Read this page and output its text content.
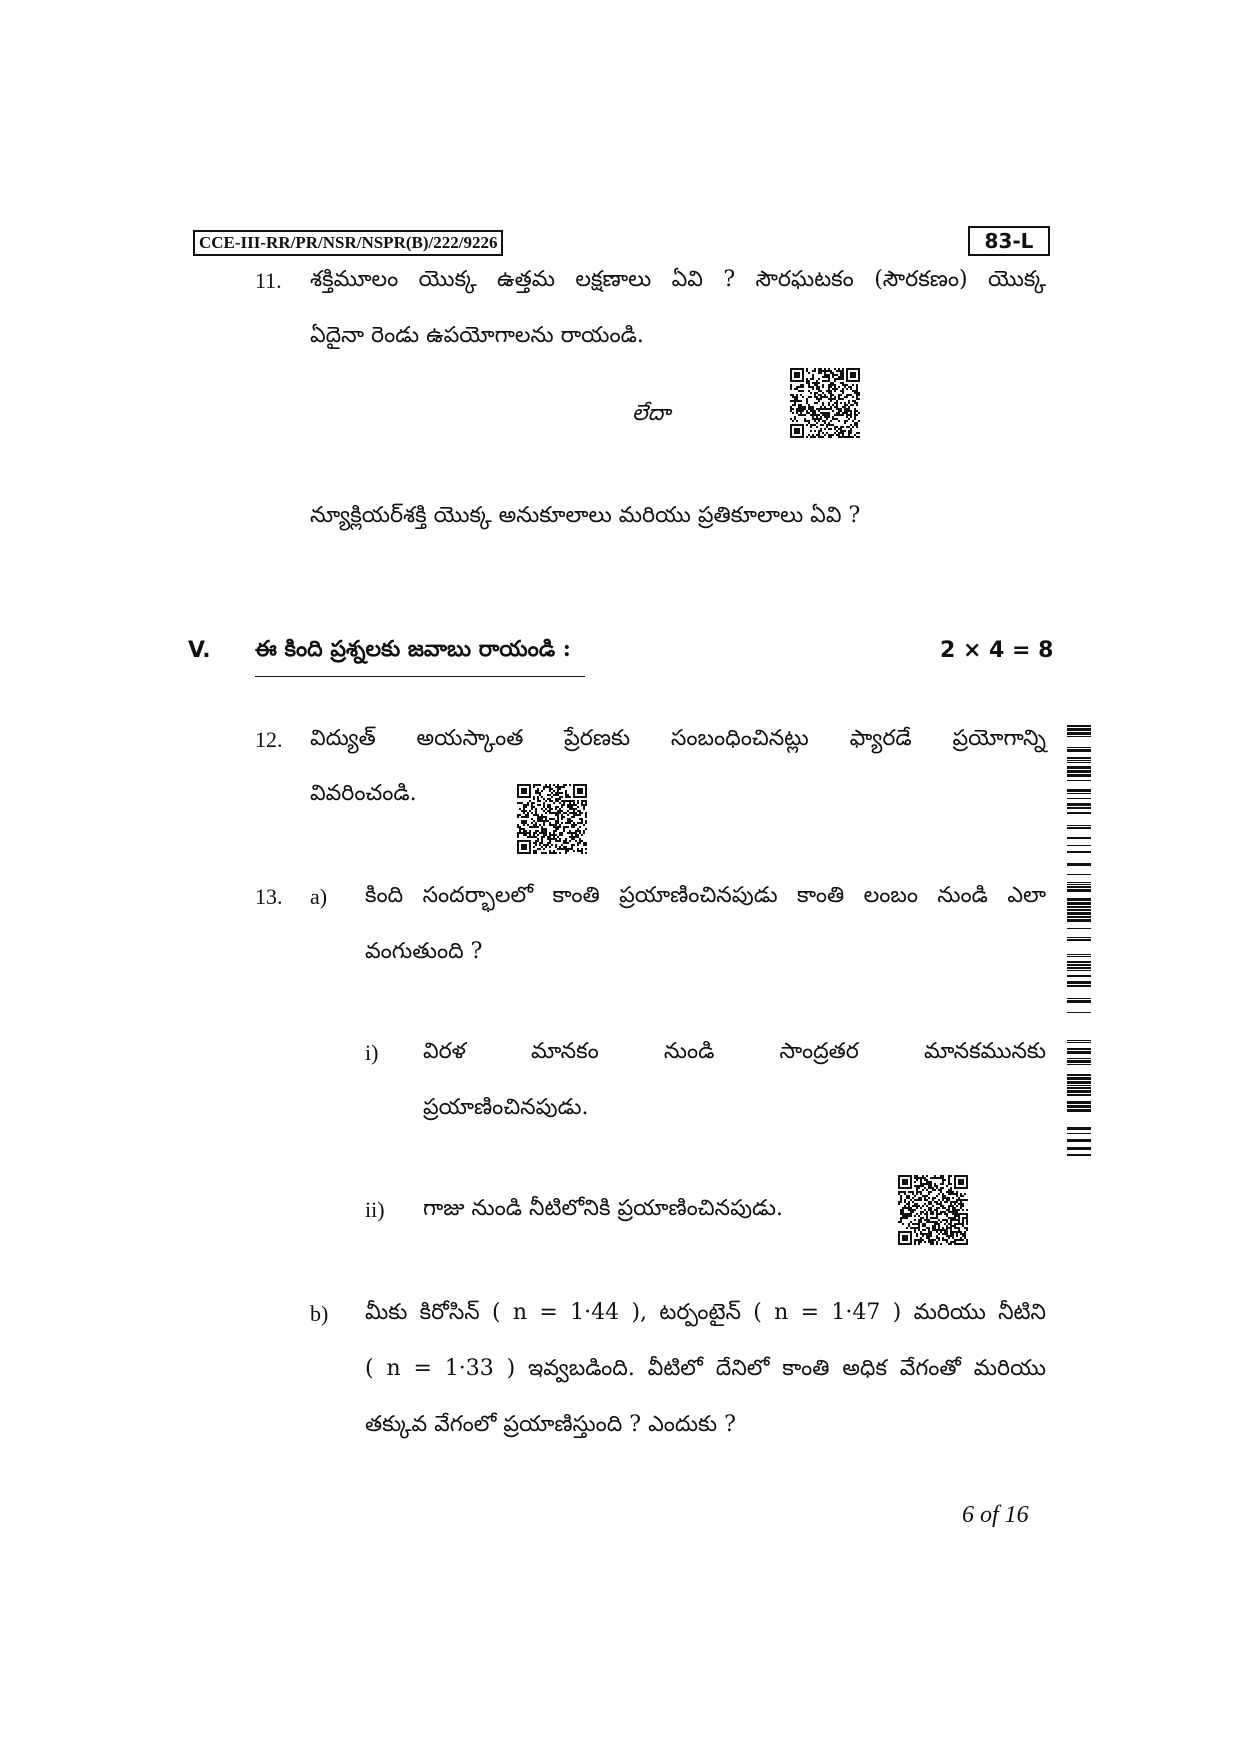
CCE-III-RR/PR/NSR/NSPR(B)/222/9226	83-L
11. శక్తిమూలం యొక్క ఉత్తమ లక్షణాలు ఏవి ? సౌరఘటకం (సౌరకణం) యొక్క
ఏదైనా రెండు ఉపయోగాలను రాయండి.
లేదా
న్యూక్లియర్‌శక్తి యొక్క అనుకూలాలు మరియు ప్రతికూలాలు ఏవి ?
V. ఈ కింది ప్రశ్నలకు జవాబు రాయండి :	2 × 4 = 8
12. విద్యుత్ అయస్కాంత ప్రేరణకు సంబంధించినట్లు ఫ్యారడే ప్రయోగాన్ని
వివరించండి.
13. a) కింది సందర్భాలలో కాంతి ప్రయాణించినపుడు కాంతి లంబం నుండి ఎలా
వంగుతుంది ?
i) విరళ మానకం నుండి సాంద్రతర మానకమునకు
ప్రయాణించినపుడు.
ii) గాజు నుండి నీటిలోనికి ప్రయాణించినపుడు.
b) మీకు కిరోసిన్ ( n = 1·44 ), టర్పంటైన్ ( n = 1·47 ) మరియు నీటిని
( n = 1·33 ) ఇవ్వబడింది. వీటిలో దేనిలో కాంతి అధిక వేగంతో మరియు
తక్కువ వేగంలో ప్రయాణిస్తుంది ? ఎందుకు ?
6 of 16
